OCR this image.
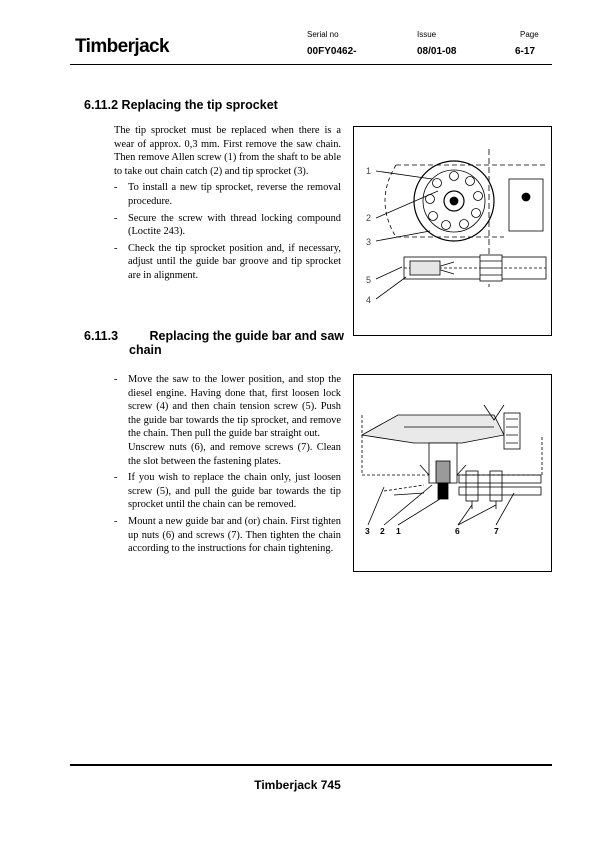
Timberjack
Serial no
00FY0462-
Issue
08/01-08
Page
6-17
6.11.2 Replacing the tip sprocket

The tip sprocket must be replaced when there is a wear of approx. 0,3 mm. First remove the saw chain. Then remove Allen screw (1) from the shaft to be able to take out chain catch (2) and tip sprocket (3).

- To install a new tip sprocket, reverse the removal procedure.
- Secure the screw with thread locking compound (Loctite 243).
- Check the tip sprocket position and, if necessary, adjust until the guide bar groove and tip sprocket are in alignment.
1
2
3
5
4
6.11.3	Replacing the guide bar and saw
chain
- Move the saw to the lower position, and stop the diesel engine. Having done that, first loosen lock screw (4) and then chain tension screw (5). Push the guide bar towards the tip sprocket, and remove the chain. Then pull the guide bar straight out.
Unscrew nuts (6), and remove screws (7). Clean the slot between the fastening plates.
- If you wish to replace the chain only, just loosen screw (5), and pull the guide bar towards the tip sprocket until the chain can be removed.
- Mount a new guide bar and (or) chain. First tighten up nuts (6) and screws (7). Then tighten the chain according to the instructions for chain tightening.
3 2 1	6	7
Timberjack 745
